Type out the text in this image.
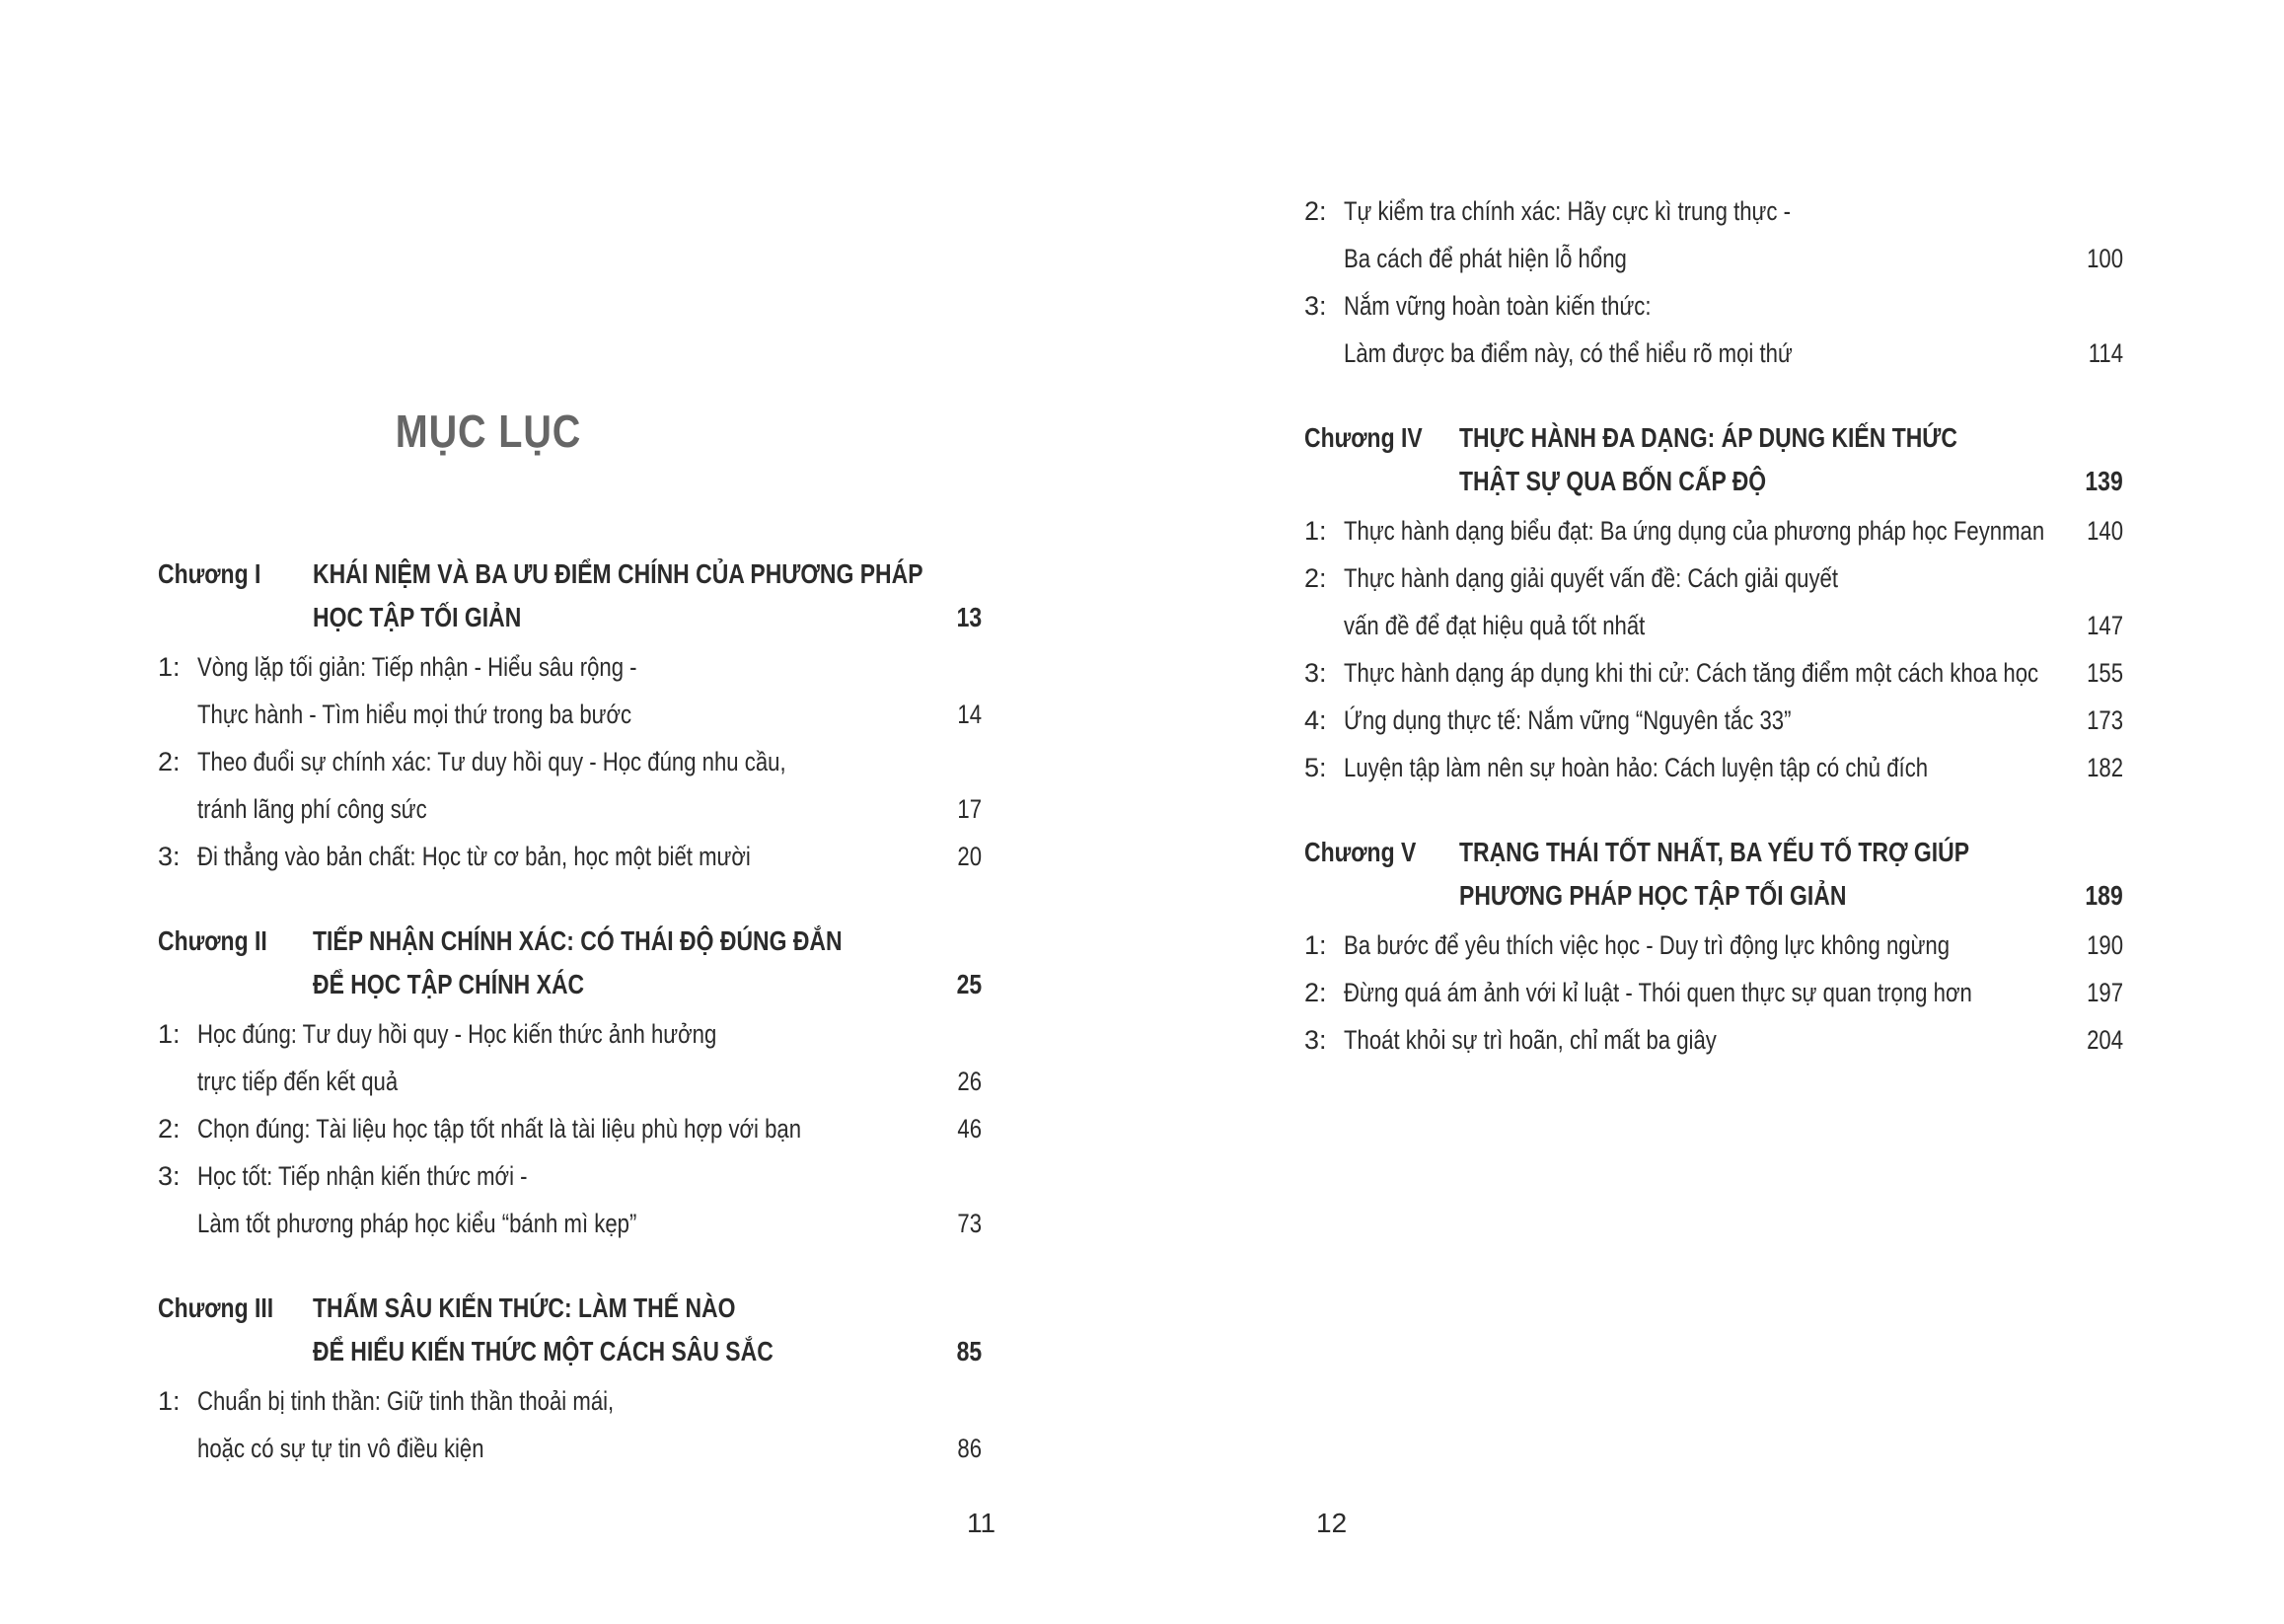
MỤC LỤC
Chương I	KHÁI NIỆM VÀ BA ƯU ĐIỂM CHÍNH CỦA PHƯƠNG PHÁP
HỌC TẬP TỐI GIẢN	13
1: Vòng lặp tối giản: Tiếp nhận - Hiểu sâu rộng -
Thực hành - Tìm hiểu mọi thứ trong ba bước	14
2: Theo đuổi sự chính xác: Tư duy hồi quy - Học đúng nhu cầu,
tránh lãng phí công sức	17
3: Đi thẳng vào bản chất: Học từ cơ bản, học một biết mười	20
Chương II	TIẾP NHẬN CHÍNH XÁC: CÓ THÁI ĐỘ ĐÚNG ĐẮN
ĐỂ HỌC TẬP CHÍNH XÁC	25
1: Học đúng: Tư duy hồi quy - Học kiến thức ảnh hưởng
trực tiếp đến kết quả	26
2: Chọn đúng: Tài liệu học tập tốt nhất là tài liệu phù hợp với bạn	46
3: Học tốt: Tiếp nhận kiến thức mới -
Làm tốt phương pháp học kiểu “bánh mì kẹp”	73
Chương III	THẤM SÂU KIẾN THỨC: LÀM THẾ NÀO
ĐỂ HIỂU KIẾN THỨC MỘT CÁCH SÂU SẮC	85
1: Chuẩn bị tinh thần: Giữ tinh thần thoải mái,
hoặc có sự tự tin vô điều kiện	86
11
2: Tự kiểm tra chính xác: Hãy cực kì trung thực -
Ba cách để phát hiện lỗ hổng	100
3: Nắm vững hoàn toàn kiến thức:
Làm được ba điểm này, có thể hiểu rõ mọi thứ	114
Chương IV	THỰC HÀNH ĐA DẠNG: ÁP DỤNG KIẾN THỨC
THẬT SỰ QUA BỐN CẤP ĐỘ	139
1: Thực hành dạng biểu đạt: Ba ứng dụng của phương pháp học Feynman	140
2: Thực hành dạng giải quyết vấn đề: Cách giải quyết
vấn đề để đạt hiệu quả tốt nhất	147
3: Thực hành dạng áp dụng khi thi cử: Cách tăng điểm một cách khoa học	155
4: Ứng dụng thực tế: Nắm vững “Nguyên tắc 33”	173
5: Luyện tập làm nên sự hoàn hảo: Cách luyện tập có chủ đích	182
Chương V	TRẠNG THÁI TỐT NHẤT, BA YẾU TỐ TRỢ GIÚP
PHƯƠNG PHÁP HỌC TẬP TỐI GIẢN	189
1: Ba bước để yêu thích việc học - Duy trì động lực không ngừng	190
2: Đừng quá ám ảnh với kỉ luật - Thói quen thực sự quan trọng hơn	197
3: Thoát khỏi sự trì hoãn, chỉ mất ba giây	204
12
